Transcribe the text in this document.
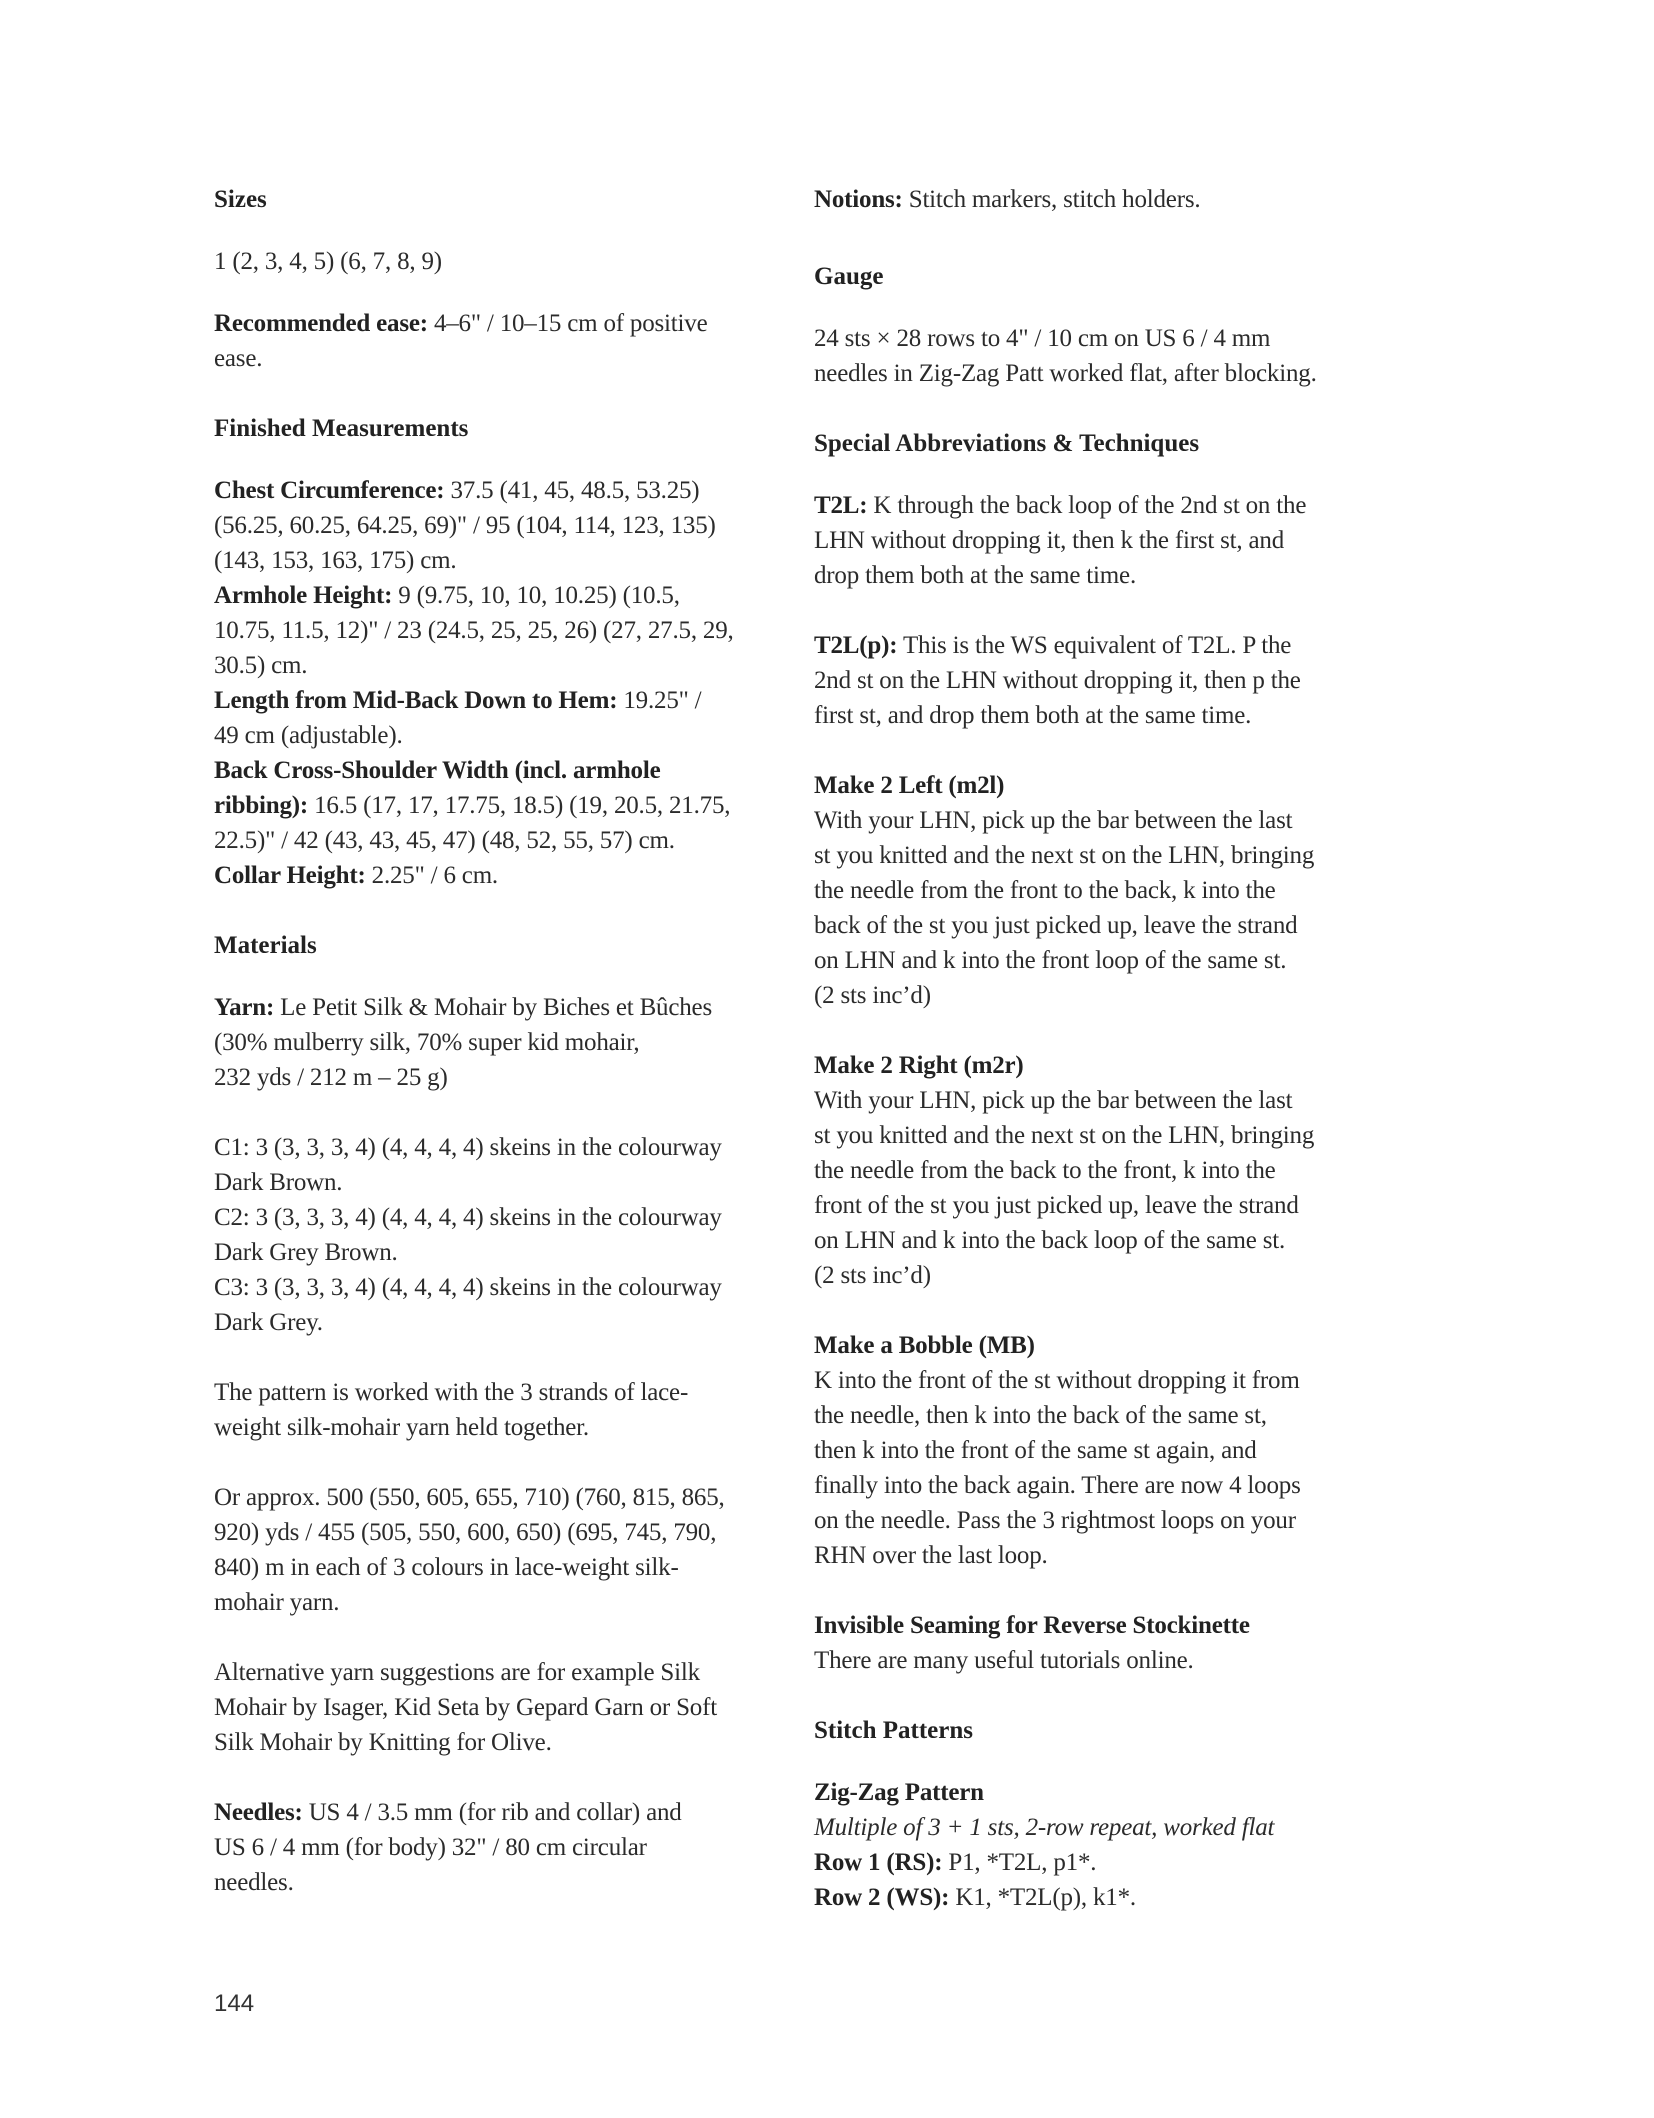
Sizes

1 (2, 3, 4, 5) (6, 7, 8, 9)

Recommended ease: 4–6" / 10–15 cm of positive
ease.

Finished Measurements

Chest Circumference: 37.5 (41, 45, 48.5, 53.25)
(56.25, 60.25, 64.25, 69)" / 95 (104, 114, 123, 135)
(143, 153, 163, 175) cm.
Armhole Height: 9 (9.75, 10, 10, 10.25) (10.5,
10.75, 11.5, 12)" / 23 (24.5, 25, 25, 26) (27, 27.5, 29,
30.5) cm.
Length from Mid-Back Down to Hem: 19.25" /
49 cm (adjustable).
Back Cross-Shoulder Width (incl. armhole
ribbing): 16.5 (17, 17, 17.75, 18.5) (19, 20.5, 21.75,
22.5)" / 42 (43, 43, 45, 47) (48, 52, 55, 57) cm.
Collar Height: 2.25" / 6 cm.

Materials

Yarn: Le Petit Silk & Mohair by Biches et Bûches
(30% mulberry silk, 70% super kid mohair,
232 yds / 212 m – 25 g)

C1: 3 (3, 3, 3, 4) (4, 4, 4, 4) skeins in the colourway
Dark Brown.
C2: 3 (3, 3, 3, 4) (4, 4, 4, 4) skeins in the colourway
Dark Grey Brown.
C3: 3 (3, 3, 3, 4) (4, 4, 4, 4) skeins in the colourway
Dark Grey.

The pattern is worked with the 3 strands of lace-
weight silk-mohair yarn held together.

Or approx. 500 (550, 605, 655, 710) (760, 815, 865,
920) yds / 455 (505, 550, 600, 650) (695, 745, 790,
840) m in each of 3 colours in lace-weight silk-
mohair yarn.

Alternative yarn suggestions are for example Silk
Mohair by Isager, Kid Seta by Gepard Garn or Soft
Silk Mohair by Knitting for Olive.

Needles: US 4 / 3.5 mm (for rib and collar) and
US 6 / 4 mm (for body) 32" / 80 cm circular
needles.

Notions: Stitch markers, stitch holders.

Gauge

24 sts × 28 rows to 4" / 10 cm on US 6 / 4 mm
needles in Zig-Zag Patt worked flat, after blocking.

Special Abbreviations & Techniques

T2L: K through the back loop of the 2nd st on the
LHN without dropping it, then k the first st, and
drop them both at the same time.

T2L(p): This is the WS equivalent of T2L. P the
2nd st on the LHN without dropping it, then p the
first st, and drop them both at the same time.

Make 2 Left (m2l)
With your LHN, pick up the bar between the last
st you knitted and the next st on the LHN, bringing
the needle from the front to the back, k into the
back of the st you just picked up, leave the strand
on LHN and k into the front loop of the same st.
(2 sts inc’d)

Make 2 Right (m2r)
With your LHN, pick up the bar between the last
st you knitted and the next st on the LHN, bringing
the needle from the back to the front, k into the
front of the st you just picked up, leave the strand
on LHN and k into the back loop of the same st.
(2 sts inc’d)

Make a Bobble (MB)
K into the front of the st without dropping it from
the needle, then k into the back of the same st,
then k into the front of the same st again, and
finally into the back again. There are now 4 loops
on the needle. Pass the 3 rightmost loops on your
RHN over the last loop.

Invisible Seaming for Reverse Stockinette
There are many useful tutorials online.

Stitch Patterns

Zig-Zag Pattern
Multiple of 3 + 1 sts, 2-row repeat, worked flat
Row 1 (RS): P1, *T2L, p1*.
Row 2 (WS): K1, *T2L(p), k1*.

144
